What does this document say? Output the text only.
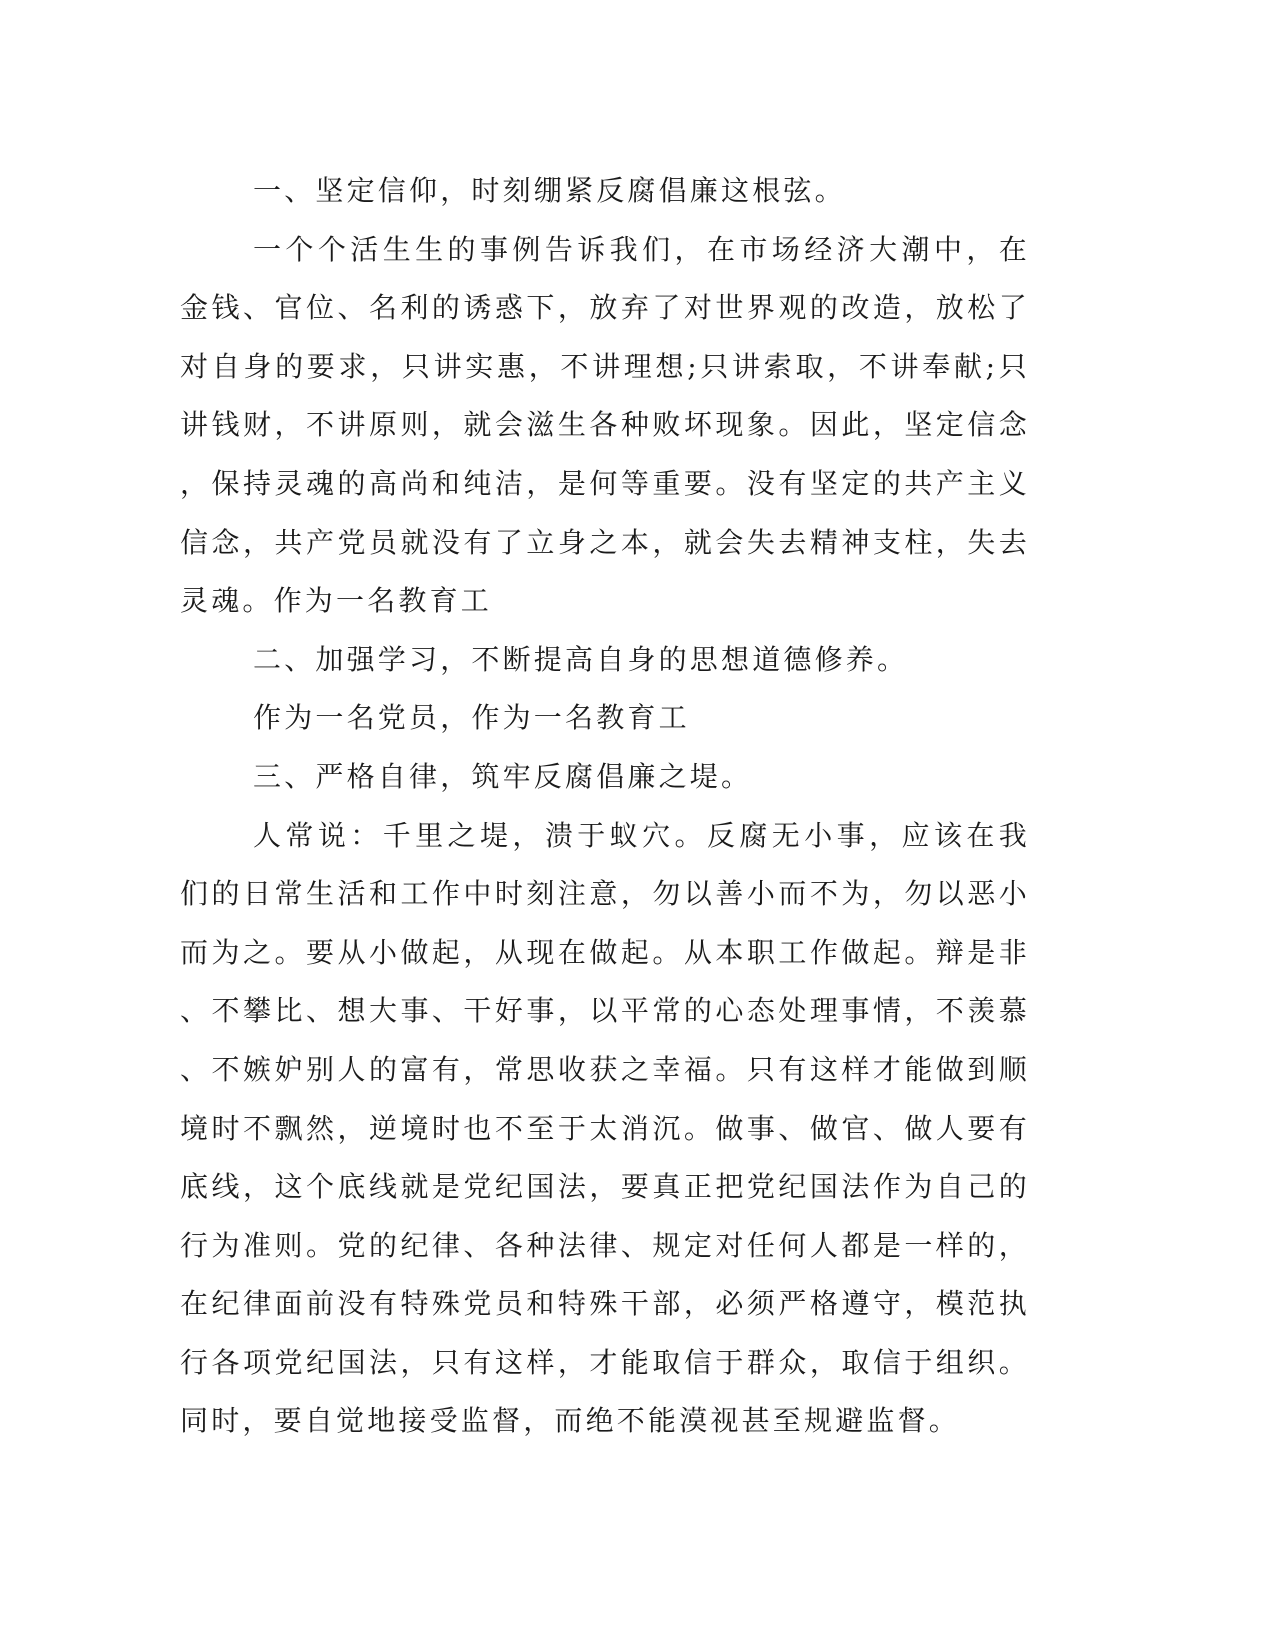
一、坚定信仰，时刻绷紧反腐倡廉这根弦。

一个个活生生的事例告诉我们，在市场经济大潮中，在金钱、官位、名利的诱惑下，放弃了对世界观的改造，放松了对自身的要求，只讲实惠，不讲理想;只讲索取，不讲奉献;只讲钱财，不讲原则，就会滋生各种败坏现象。因此，坚定信念，保持灵魂的高尚和纯洁，是何等重要。没有坚定的共产主义信念，共产党员就没有了立身之本，就会失去精神支柱，失去灵魂。作为一名教育工

二、加强学习，不断提高自身的思想道德修养。

作为一名党员，作为一名教育工

三、严格自律，筑牢反腐倡廉之堤。

人常说：千里之堤，溃于蚁穴。反腐无小事，应该在我们的日常生活和工作中时刻注意，勿以善小而不为，勿以恶小而为之。要从小做起，从现在做起。从本职工作做起。辩是非、不攀比、想大事、干好事，以平常的心态处理事情，不羡慕、不嫉妒别人的富有，常思收获之幸福。只有这样才能做到顺境时不飘然，逆境时也不至于太消沉。做事、做官、做人要有底线，这个底线就是党纪国法，要真正把党纪国法作为自己的行为准则。党的纪律、各种法律、规定对任何人都是一样的，在纪律面前没有特殊党员和特殊干部，必须严格遵守，模范执行各项党纪国法，只有这样，才能取信于群众，取信于组织。同时，要自觉地接受监督，而绝不能漠视甚至规避监督。
